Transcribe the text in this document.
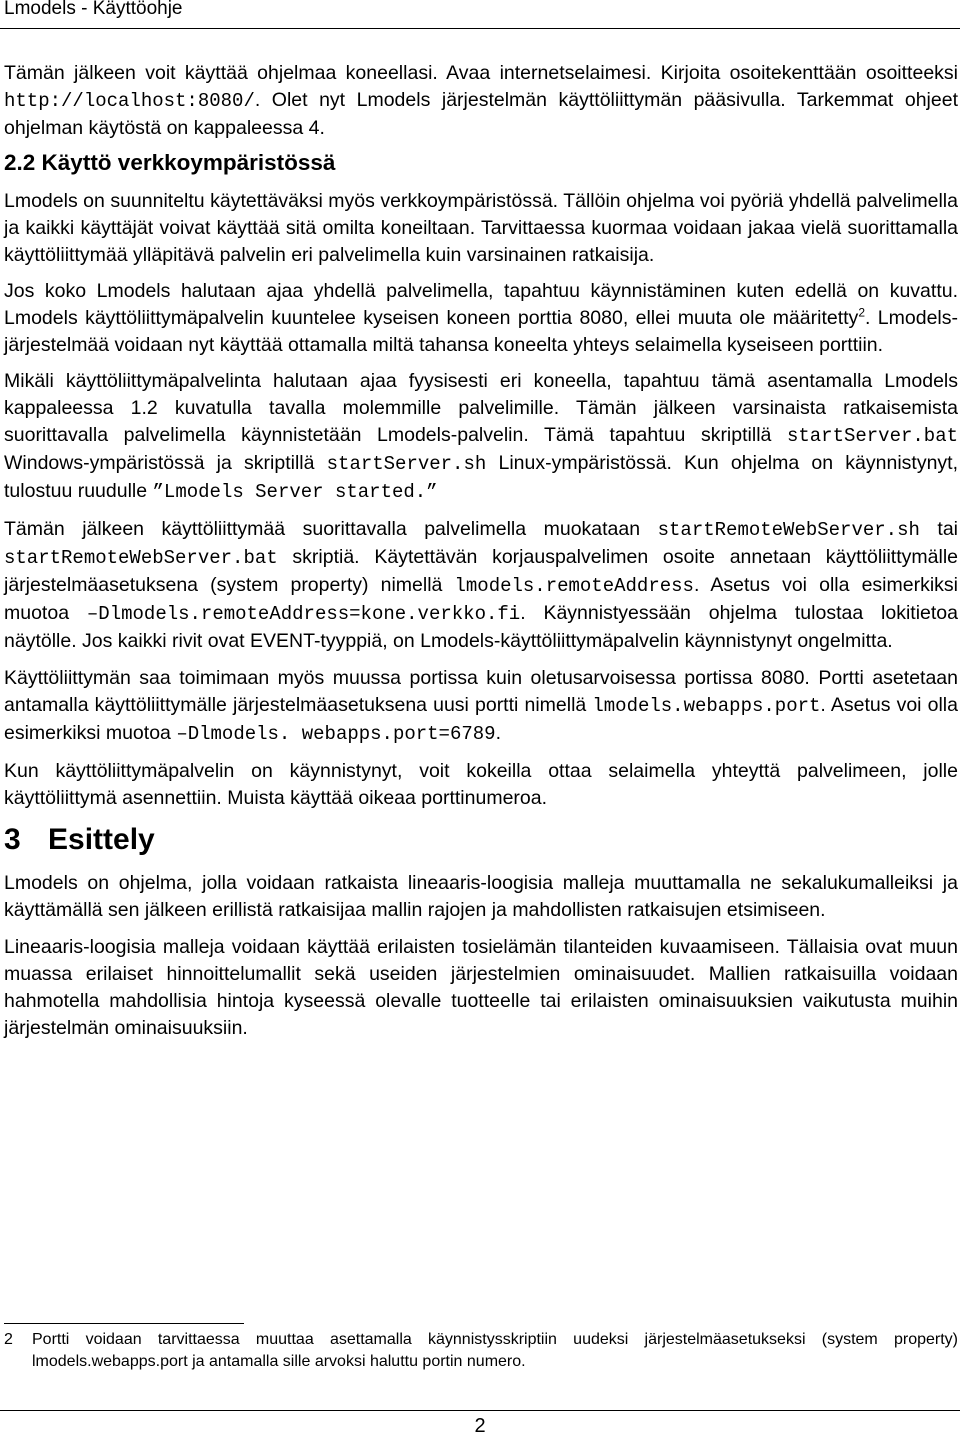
Lmodels - Käyttöohje

Tämän jälkeen voit käyttää ohjelmaa koneellasi. Avaa internetselaimesi. Kirjoita osoitekenttään osoitteeksi http://localhost:8080/. Olet nyt Lmodels järjestelmän käyttöliittymän pääsivulla. Tarkemmat ohjeet ohjelman käytöstä on kappaleessa 4.

2.2 Käyttö verkkoympäristössä

Lmodels on suunniteltu käytettäväksi myös verkkoympäristössä. Tällöin ohjelma voi pyöriä yhdellä palvelimella ja kaikki käyttäjät voivat käyttää sitä omilta koneiltaan. Tarvittaessa kuormaa voidaan jakaa vielä suorittamalla käyttöliittymää ylläpitävä palvelin eri palvelimella kuin varsinainen ratkaisija.

Jos koko Lmodels halutaan ajaa yhdellä palvelimella, tapahtuu käynnistäminen kuten edellä on kuvattu. Lmodels käyttöliittymäpalvelin kuuntelee kyseisen koneen porttia 8080, ellei muuta ole määritetty$^2$. Lmodels-järjestelmää voidaan nyt käyttää ottamalla miltä tahansa koneelta yhteys selaimella kyseiseen porttiin.

Mikäli käyttöliittymäpalvelinta halutaan ajaa fyysisesti eri koneella, tapahtuu tämä asentamalla Lmodels kappaleessa 1.2 kuvatulla tavalla molemmille palvelimille. Tämän jälkeen varsinaista ratkaisemista suorittavalla palvelimella käynnistetään Lmodels-palvelin. Tämä tapahtuu skriptillä startServer.bat Windows-ympäristössä ja skriptillä startServer.sh Linux-ympäristössä. Kun ohjelma on käynnistynyt, tulostuu ruudulle ”Lmodels Server started.”

Tämän jälkeen käyttöliittymää suorittavalla palvelimella muokataan startRemoteWebServer.sh tai startRemoteWebServer.bat skriptiä. Käytettävän korjauspalvelimen osoite annetaan käyttöliittymälle järjestelmäasetuksena (system property) nimellä lmodels.remoteAddress. Asetus voi olla esimerkiksi muotoa –Dlmodels.remoteAddress=kone.verkko.fi. Käynnistyessään ohjelma tulostaa lokitietoa näytölle. Jos kaikki rivit ovat EVENT-tyyppiä, on Lmodels-käyttöliittymäpalvelin käynnistynyt ongelmitta.

Käyttöliittymän saa toimimaan myös muussa portissa kuin oletusarvoisessa portissa 8080. Portti asetetaan antamalla käyttöliittymälle järjestelmäasetuksena uusi portti nimellä lmodels.webapps.port. Asetus voi olla esimerkiksi muotoa –Dlmodels. webapps.port=6789.

Kun käyttöliittymäpalvelin on käynnistynyt, voit kokeilla ottaa selaimella yhteyttä palvelimeen, jolle käyttöliittymä asennettiin. Muista käyttää oikeaa porttinumeroa.

3 Esittely

Lmodels on ohjelma, jolla voidaan ratkaista lineaaris-loogisia malleja muuttamalla ne sekalukumalleiksi ja käyttämällä sen jälkeen erillistä ratkaisijaa mallin rajojen ja mahdollisten ratkaisujen etsimiseen.

Lineaaris-loogisia malleja voidaan käyttää erilaisten tosielämän tilanteiden kuvaamiseen. Tällaisia ovat muun muassa erilaiset hinnoittelumallit sekä useiden järjestelmien ominaisuudet. Mallien ratkaisuilla voidaan hahmotella mahdollisia hintoja kyseessä olevalle tuotteelle tai erilaisten ominaisuuksien vaikutusta muihin järjestelmän ominaisuuksiin.

2	Portti voidaan tarvittaessa muuttaa asettamalla käynnistysskriptiin uudeksi järjestelmäasetukseksi (system property) lmodels.webapps.port ja antamalla sille arvoksi haluttu portin numero.
2
